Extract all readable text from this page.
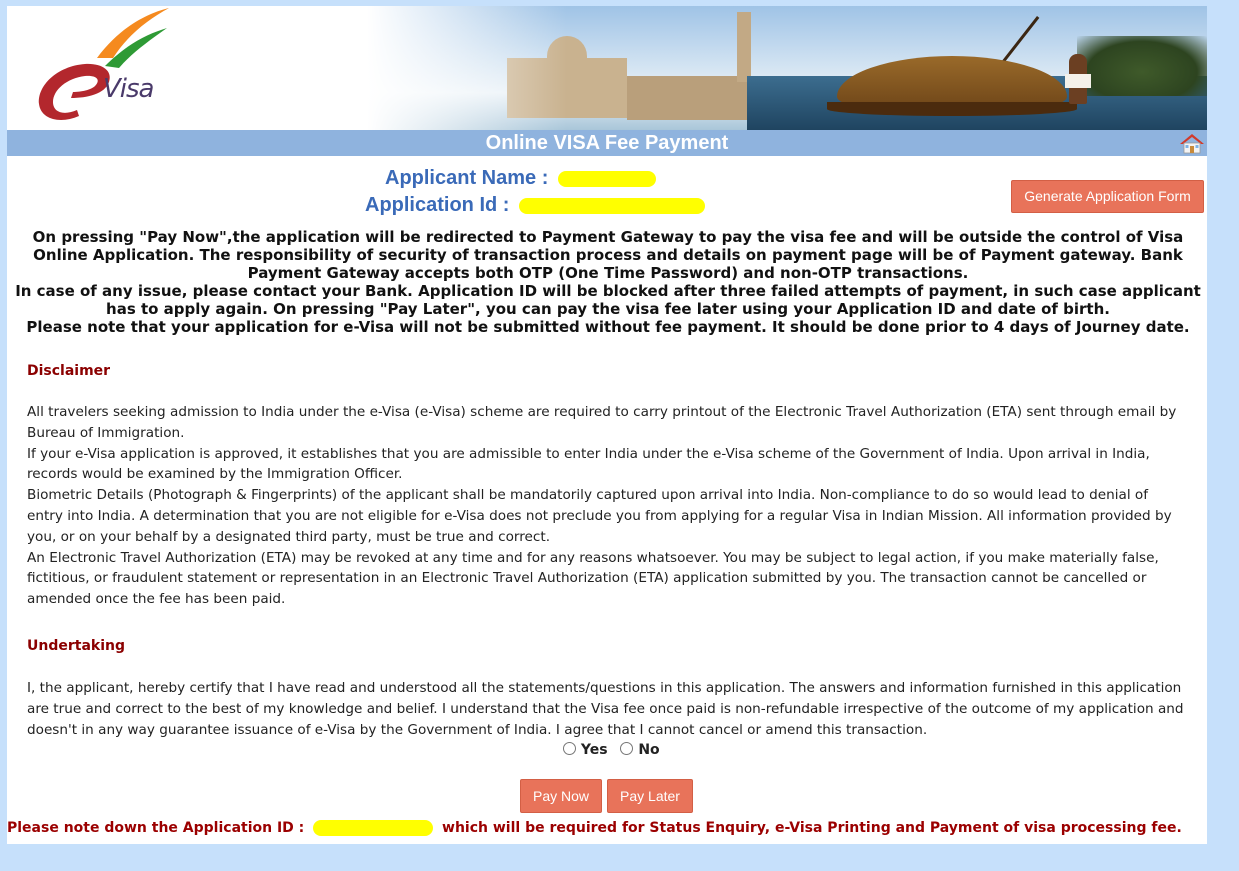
Visa
Online VISA Fee Payment
Applicant Name :
Application Id :	Generate Application Form
On pressing "Pay Now",the application will be redirected to Payment Gateway to pay the visa fee and will be outside the control of Visa Online Application. The responsibility of security of transaction process and details on payment page will be of Payment gateway. Bank Payment Gateway accepts both OTP (One Time Password) and non-OTP transactions.
In case of any issue, please contact your Bank. Application ID will be blocked after three failed attempts of payment, in such case applicant has to apply again. On pressing "Pay Later", you can pay the visa fee later using your Application ID and date of birth.
Please note that your application for e-Visa will not be submitted without fee payment. It should be done prior to 4 days of Journey date.
Disclaimer

All travelers seeking admission to India under the e-Visa (e-Visa) scheme are required to carry printout of the Electronic Travel Authorization (ETA) sent through email by Bureau of Immigration.

If your e-Visa application is approved, it establishes that you are admissible to enter India under the e-Visa scheme of the Government of India. Upon arrival in India, records would be examined by the Immigration Officer.

Biometric Details (Photograph & Fingerprints) of the applicant shall be mandatorily captured upon arrival into India. Non-compliance to do so would lead to denial of entry into India. A determination that you are not eligible for e-Visa does not preclude you from applying for a regular Visa in Indian Mission. All information provided by you, or on your behalf by a designated third party, must be true and correct.

An Electronic Travel Authorization (ETA) may be revoked at any time and for any reasons whatsoever. You may be subject to legal action, if you make materially false, fictitious, or fraudulent statement or representation in an Electronic Travel Authorization (ETA) application submitted by you. The transaction cannot be cancelled or amended once the fee has been paid.

Undertaking
I, the applicant, hereby certify that I have read and understood all the statements/questions in this application. The answers and information furnished in this application are true and correct to the best of my knowledge and belief. I understand that the Visa fee once paid is non-refundable irrespective of the outcome of my application and doesn't in any way guarantee issuance of e-Visa by the Government of India. I agree that I cannot cancel or amend this transaction.
Yes No
Pay Now	Pay Later
Please note down the Application ID :	which will be required for Status Enquiry, e-Visa Printing and Payment of visa processing fee.
